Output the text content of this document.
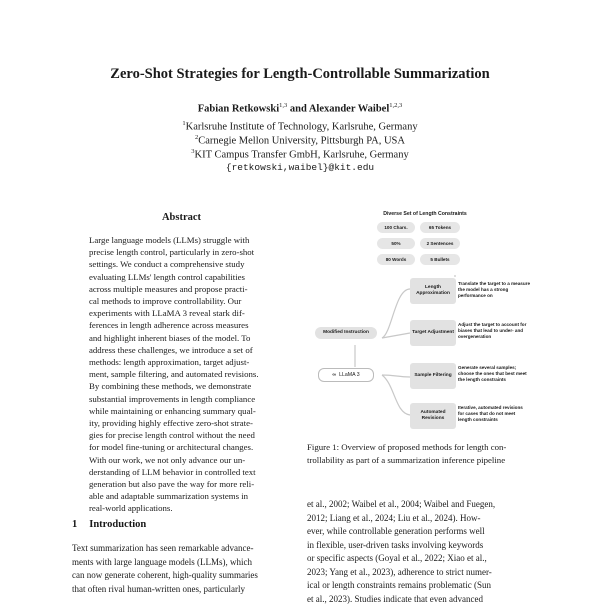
Zero-Shot Strategies for Length-Controllable Summarization
Fabian Retkowski$^{1,3}$ and Alexander Waibel$^{1,2,3}$
$^1$Karlsruhe Institute of Technology, Karlsruhe, Germany
$^2$Carnegie Mellon University, Pittsburgh PA, USA
$^3$KIT Campus Transfer GmbH, Karlsruhe, Germany
{retkowski,waibel}@kit.edu
Abstract
Large language models (LLMs) struggle with
precise length control, particularly in zero-shot
settings. We conduct a comprehensive study
evaluating LLMs' length control capabilities
across multiple measures and propose practi-
cal methods to improve controllability. Our
experiments with LLaMA 3 reveal stark dif-
ferences in length adherence across measures
and highlight inherent biases of the model. To
address these challenges, we introduce a set of
methods: length approximation, target adjust-
ment, sample filtering, and automated revisions.
By combining these methods, we demonstrate
substantial improvements in length compliance
while maintaining or enhancing summary qual-
ity, providing highly effective zero-shot strate-
gies for precise length control without the need
for model fine-tuning or architectural changes.
With our work, we not only advance our un-
derstanding of LLM behavior in controlled text
generation but also pave the way for more reli-
able and adaptable summarization systems in
real-world applications.
1 Introduction
Text summarization has seen remarkable advance-
ments with large language models (LLMs), which
can now generate coherent, high-quality summaries
that often rival human-written ones, particularly
Diverse Set of Length Constraints
100 Chars.	65 Tokens
50%	2 Sentences
80 Words	5 Bullets
Length Approximation
Translate the target to a measure the model has a strong performance on
Target Adjustment
Adjust the target to account for biases that lead to under- and overgeneration
Sample Filtering
Generate several samples; choose the ones that best meet the length constraints
Automated Revisions
Iterative, automated revisions for cases that do not meet length constraints
Modified Instruction
∞ LLaMA 3
Figure 1: Overview of proposed methods for length con-
trollability as part of a summarization inference pipeline
et al., 2002; Waibel et al., 2004; Waibel and Fuegen,
2012; Liang et al., 2024; Liu et al., 2024). How-
ever, while controllable generation performs well
in flexible, user-driven tasks involving keywords
or specific aspects (Goyal et al., 2022; Xiao et al.,
2023; Yang et al., 2023), adherence to strict numer-
ical or length constraints remains problematic (Sun
et al., 2023). Studies indicate that even advanced
